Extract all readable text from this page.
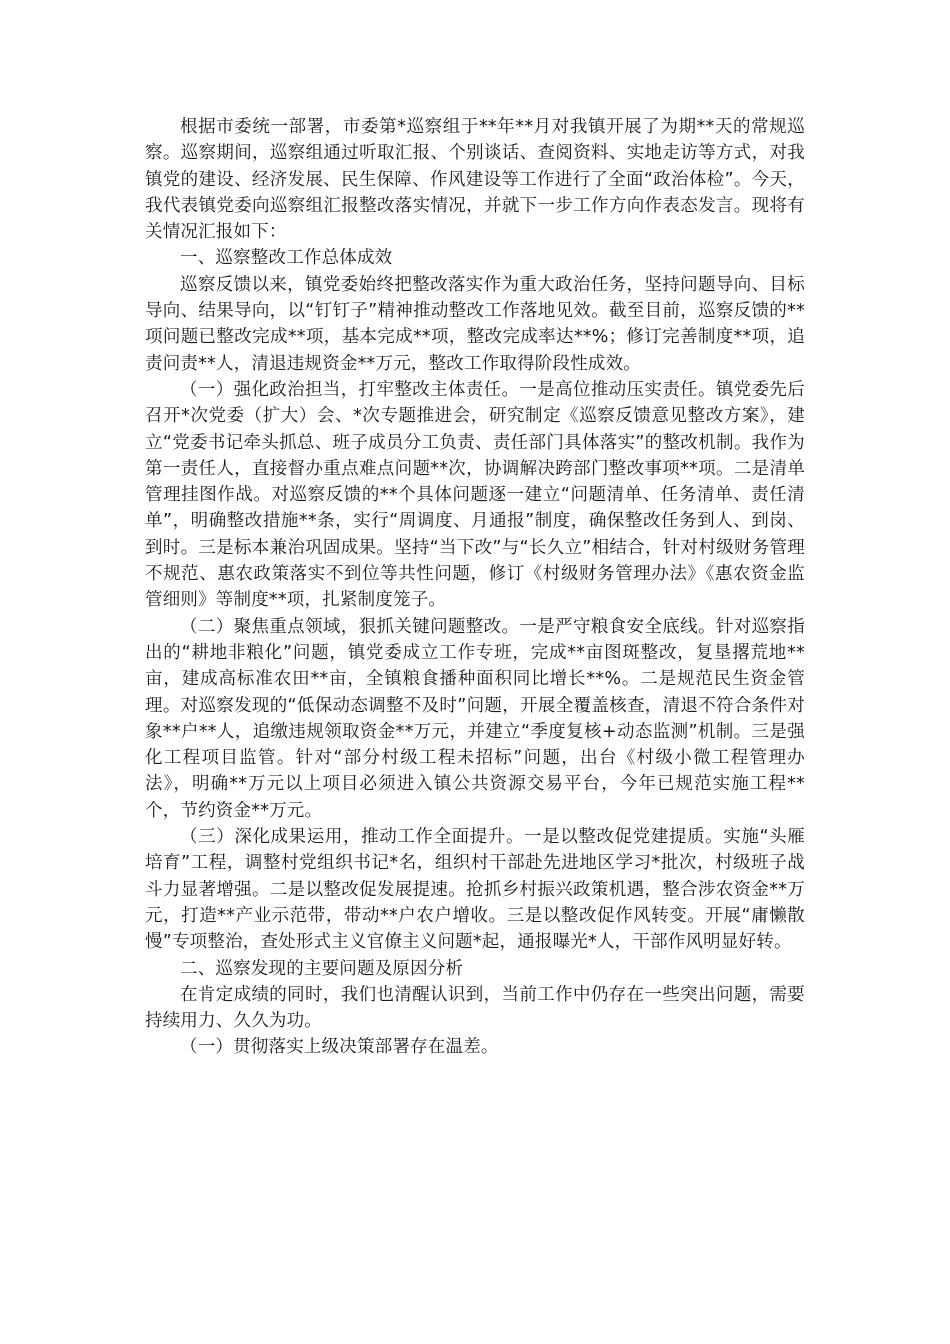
根据市委统一部署，市委第*巡察组于**年**月对我镇开展了为期**天的常规巡察。巡察期间，巡察组通过听取汇报、个别谈话、查阅资料、实地走访等方式，对我镇党的建设、经济发展、民生保障、作风建设等工作进行了全面“政治体检”。今天，我代表镇党委向巡察组汇报整改落实情况，并就下一步工作方向作表态发言。现将有关情况汇报如下：

一、巡察整改工作总体成效

巡察反馈以来，镇党委始终把整改落实作为重大政治任务，坚持问题导向、目标导向、结果导向，以“钉钉子”精神推动整改工作落地见效。截至目前，巡察反馈的**项问题已整改完成**项，基本完成**项，整改完成率达**%；修订完善制度**项，追责问责**人，清退违规资金**万元，整改工作取得阶段性成效。

（一）强化政治担当，打牢整改主体责任。一是高位推动压实责任。镇党委先后召开*次党委（扩大）会、*次专题推进会，研究制定《巡察反馈意见整改方案》，建立“党委书记牵头抓总、班子成员分工负责、责任部门具体落实”的整改机制。我作为第一责任人，直接督办重点难点问题**次，协调解决跨部门整改事项**项。二是清单管理挂图作战。对巡察反馈的**个具体问题逐一建立“问题清单、任务清单、责任清单”，明确整改措施**条，实行“周调度、月通报”制度，确保整改任务到人、到岗、到时。三是标本兼治巩固成果。坚持“当下改”与“长久立”相结合，针对村级财务管理不规范、惠农政策落实不到位等共性问题，修订《村级财务管理办法》《惠农资金监管细则》等制度**项，扎紧制度笼子。

（二）聚焦重点领域，狠抓关键问题整改。一是严守粮食安全底线。针对巡察指出的“耕地非粮化”问题，镇党委成立工作专班，完成**亩图斑整改，复垦撂荒地**亩，建成高标准农田**亩，全镇粮食播种面积同比增长**%。二是规范民生资金管理。对巡察发现的“低保动态调整不及时”问题，开展全覆盖核查，清退不符合条件对象**户**人，追缴违规领取资金**万元，并建立“季度复核+动态监测”机制。三是强化工程项目监管。针对“部分村级工程未招标”问题，出台《村级小微工程管理办法》，明确**万元以上项目必须进入镇公共资源交易平台，今年已规范实施工程**个，节约资金**万元。

（三）深化成果运用，推动工作全面提升。一是以整改促党建提质。实施“头雁培育”工程，调整村党组织书记*名，组织村干部赴先进地区学习*批次，村级班子战斗力显著增强。二是以整改促发展提速。抢抓乡村振兴政策机遇，整合涉农资金**万元，打造**产业示范带，带动**户农户增收。三是以整改促作风转变。开展“庸懒散慢”专项整治，查处形式主义官僚主义问题*起，通报曝光*人，干部作风明显好转。

二、巡察发现的主要问题及原因分析

在肯定成绩的同时，我们也清醒认识到，当前工作中仍存在一些突出问题，需要持续用力、久久为功。

（一）贯彻落实上级决策部署存在温差。
